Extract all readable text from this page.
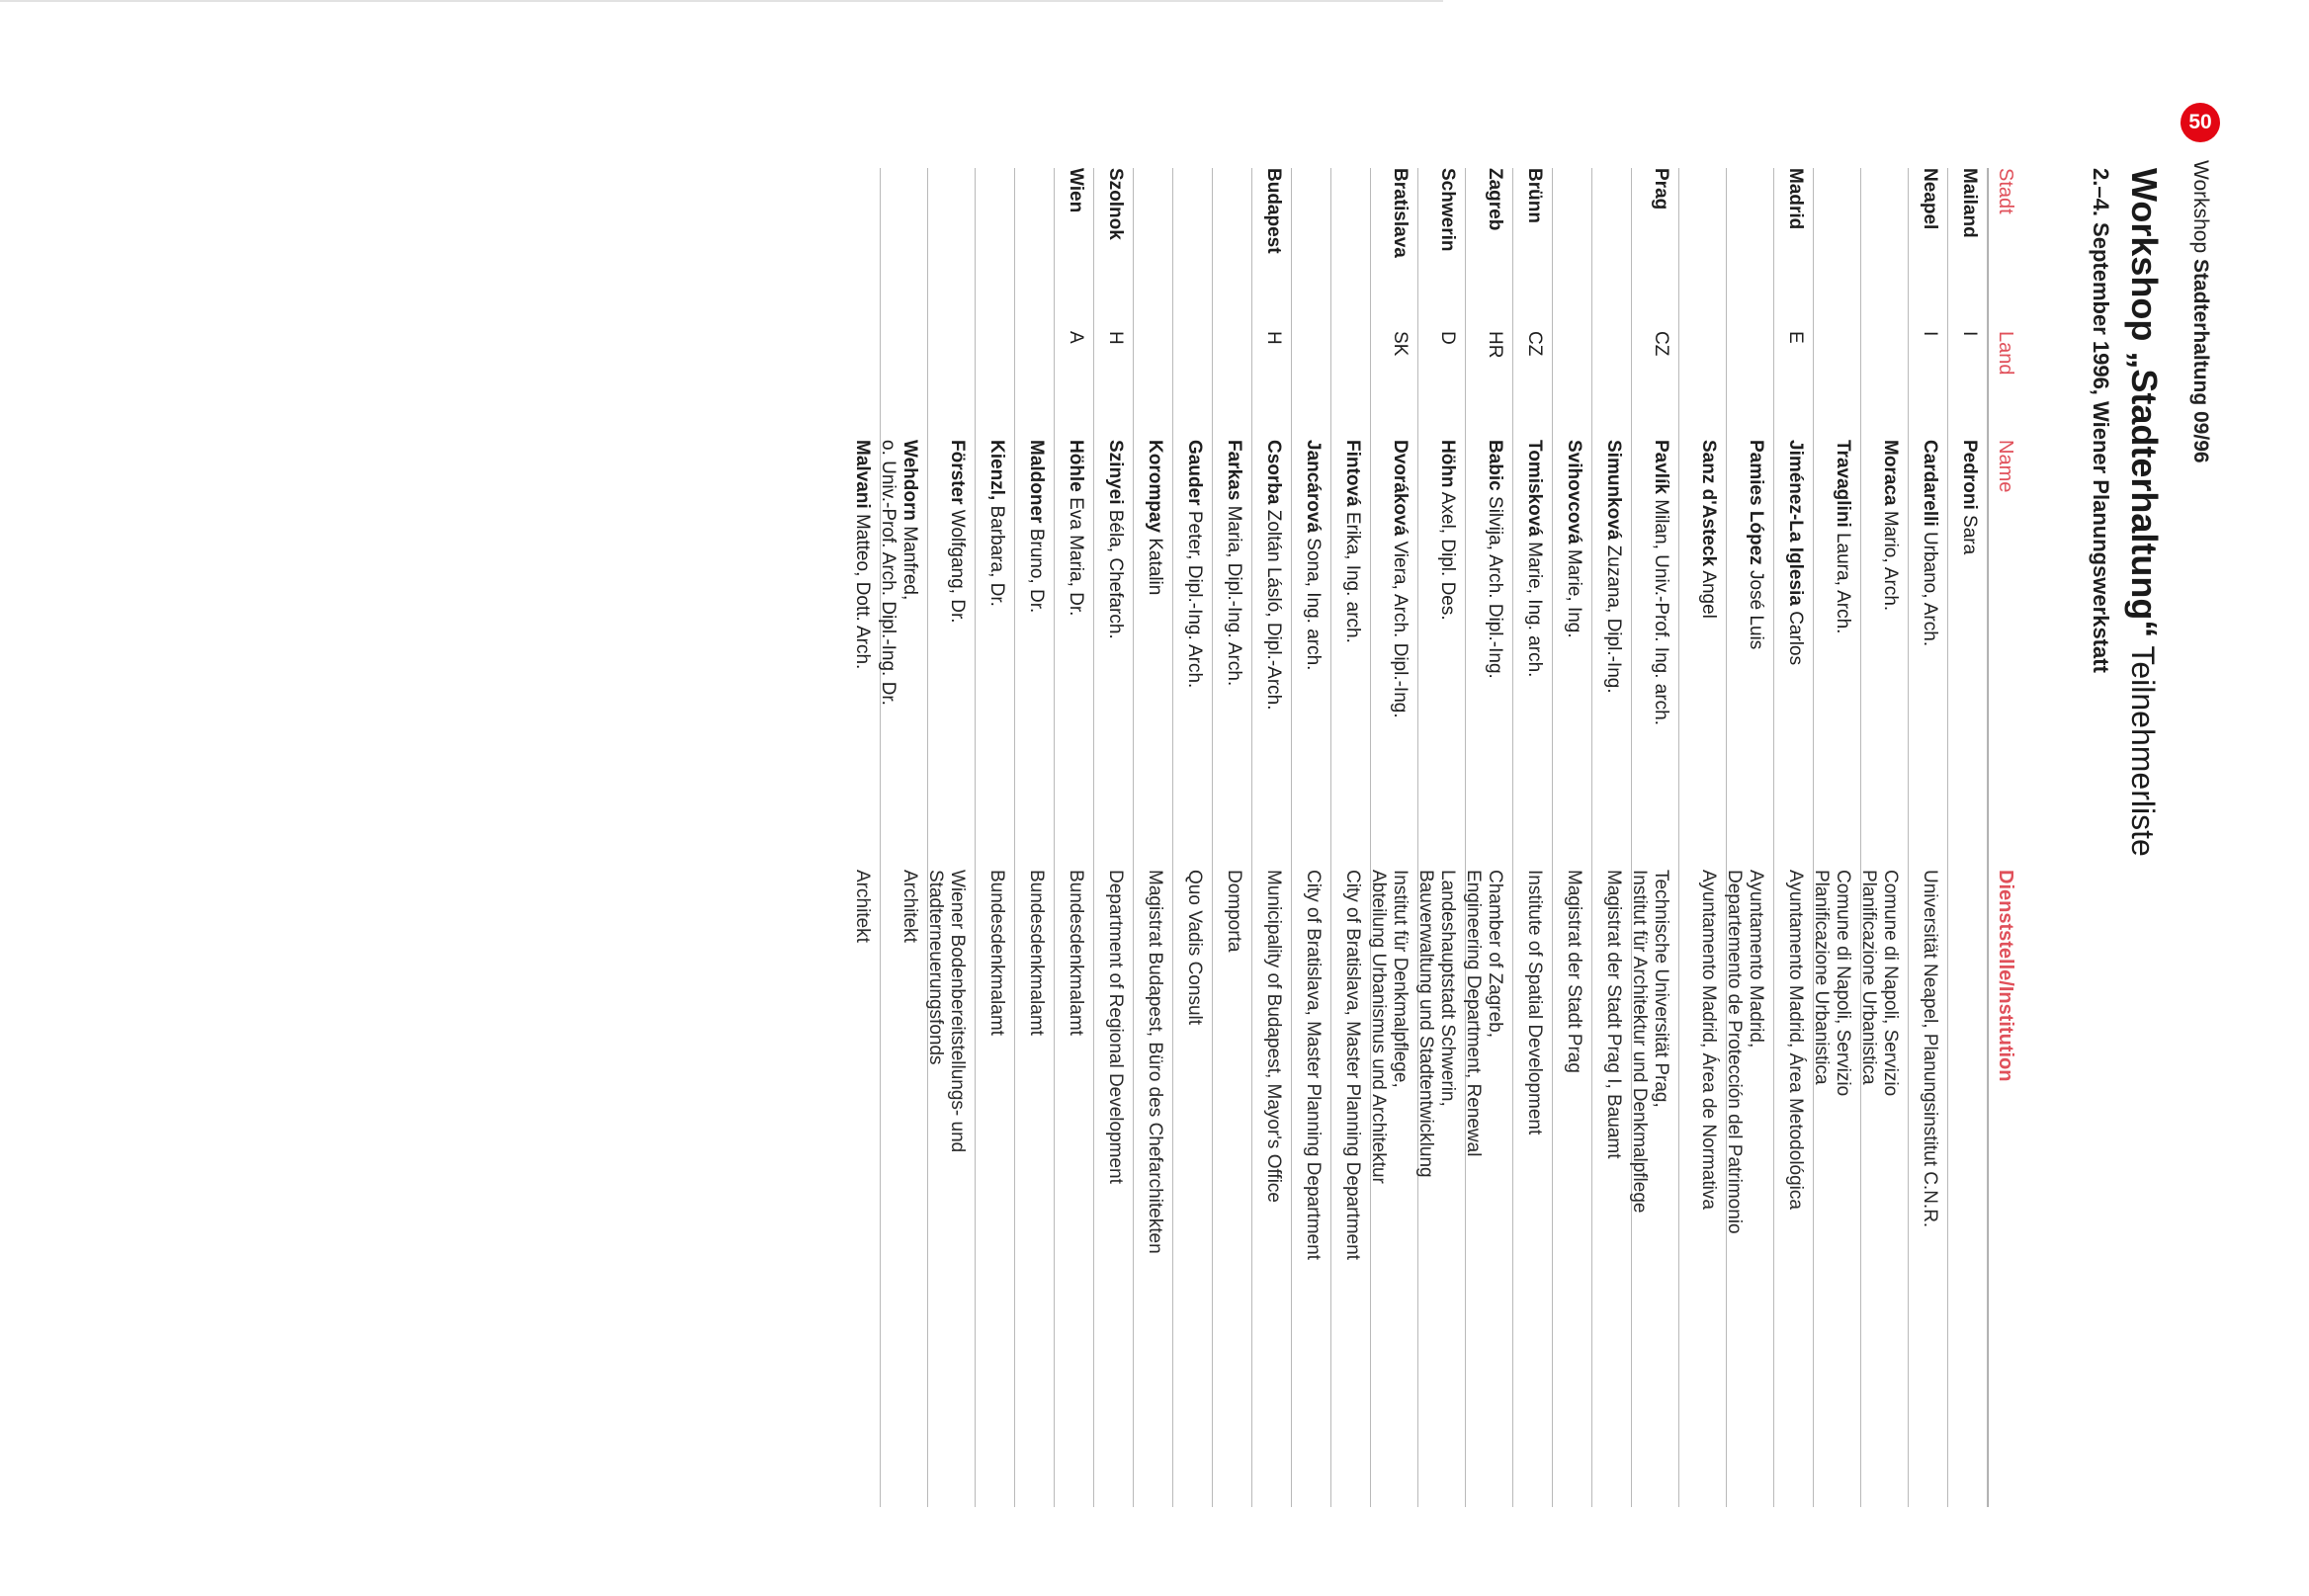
50
Workshop Stadterhaltung 09/96
Workshop „Stadterhaltung“Teilnehmerliste
2.–4. September 1996, Wiener Planungswerkstatt
Stadt
Land
Name
Dienststelle/Institution
Mailand
I
Pedroni Sara
Neapel
I
Cardarelli Urbano, Arch.
Universität Neapel, Planungsinstitut C.N.R.
Moraca Mario, Arch.
Comune di Napoli, Servizio
Planificazione Urbanistica
Travaglini Laura, Arch.
Comune di Napoli, Servizio
Planificazione Urbanistica
Madrid
E
Jiménez-La Iglesia Carlos
Ayuntamento Madrid, Área Metodológica
Pamies López José Luis
Ayuntamento Madrid,
Departemento de Protección del Patrimonio
Sanz d'Asteck Angel
Ayuntamento Madrid, Área de Normativa
Prag
CZ
Pavlík Milan, Univ.-Prof. Ing. arch.
Technische Universität Prag,
Institut für Architektur und Denkmalpflege
Simunková Zuzana, Dipl.-Ing.
Magistrat der Stadt Prag I, Bauamt
Svihovcová Marie, Ing.
Magistrat der Stadt Prag
Brünn
CZ
Tomisková Marie, Ing. arch.
Institute of Spatial Development
Zagreb
HR
Babic Silvija, Arch. Dipl.-Ing.
Chamber of Zagreb,
Engineering Department, Renewal
Schwerin
D
Höhn Axel, Dipl. Des.
Landeshauptstadt Schwerin,
Bauverwaltung und Stadtentwicklung
Bratislava
SK
Dvoráková Viera, Arch. Dipl.-Ing.
Institut für Denkmalpflege,
Abteilung Urbanismus und Architektur
Fintová Erika, Ing. arch.
City of Bratislava, Master Planning Department
Jancárová Sona, Ing. arch.
City of Bratislava, Master Planning Department
Budapest
H
Csorba Zoltán Lásló, Dipl.-Arch.
Municipality of Budapest, Mayor's Office
Farkas Maria, Dipl.-Ing. Arch.
Domporta
Gauder Peter, Dipl.-Ing. Arch.
Quo Vadis Consult
Korompay Katalin
Magistrat Budapest, Büro des Chefarchitekten
Szolnok
H
Szinyei Béla, Chefarch.
Department of Regional Development
Wien
A
Höhle Eva Maria, Dr.
Bundesdenkmalamt
Maldoner Bruno, Dr.
Bundesdenkmalamt
Kienzl, Barbara, Dr.
Bundesdenkmalamt
Förster Wolfgang, Dr.
Wiener Bodenbereitstellungs- und
Stadterneuerungsfonds
Wehdorn Manfred,
o. Univ.-Prof. Arch. Dipl.-Ing. Dr.
Architekt
Malvani Matteo, Dott. Arch.
Architekt
